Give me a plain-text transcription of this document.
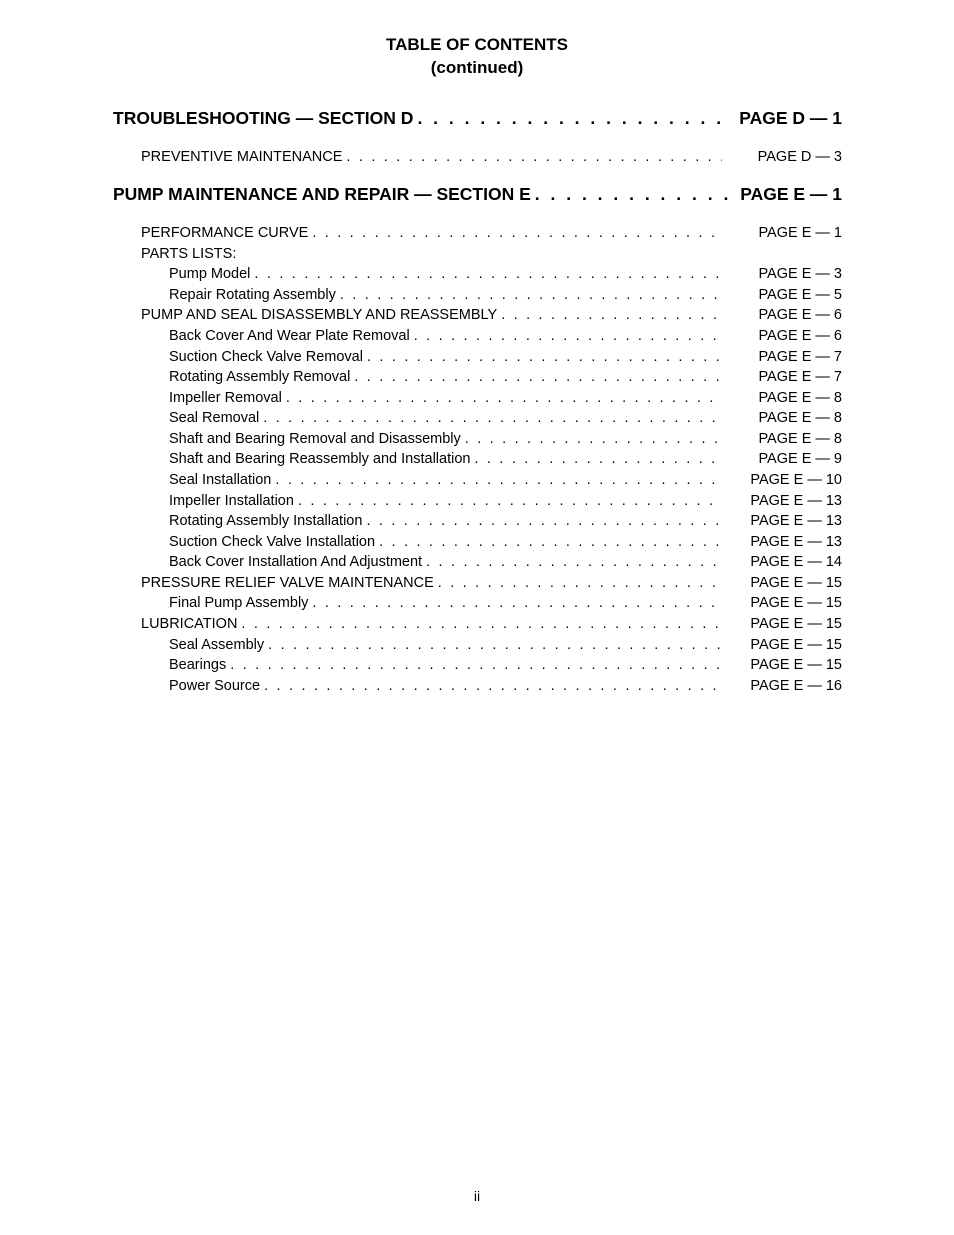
TABLE OF CONTENTS
(continued)
TROUBLESHOOTING — SECTION D . . .	PAGE D — 1
PREVENTIVE MAINTENANCE . . .	PAGE D — 3
PUMP MAINTENANCE AND REPAIR — SECTION E . . .	PAGE E — 1
PERFORMANCE CURVE . . .	PAGE E — 1
PARTS LISTS:
Pump Model . . .	PAGE E — 3
Repair Rotating Assembly . . .	PAGE E — 5
PUMP AND SEAL DISASSEMBLY AND REASSEMBLY . . .	PAGE E — 6
Back Cover And Wear Plate Removal . . .	PAGE E — 6
Suction Check Valve Removal . . .	PAGE E — 7
Rotating Assembly Removal . . .	PAGE E — 7
Impeller Removal . . .	PAGE E — 8
Seal Removal . . .	PAGE E — 8
Shaft and Bearing Removal and Disassembly . . .	PAGE E — 8
Shaft and Bearing Reassembly and Installation . . .	PAGE E — 9
Seal Installation . . .	PAGE E — 10
Impeller Installation . . .	PAGE E — 13
Rotating Assembly Installation . . .	PAGE E — 13
Suction Check Valve Installation . . .	PAGE E — 13
Back Cover Installation And Adjustment . . .	PAGE E — 14
PRESSURE RELIEF VALVE MAINTENANCE . . .	PAGE E — 15
Final Pump Assembly . . .	PAGE E — 15
LUBRICATION . . .	PAGE E — 15
Seal Assembly . . .	PAGE E — 15
Bearings . . .	PAGE E — 15
Power Source . . .	PAGE E — 16
ii
